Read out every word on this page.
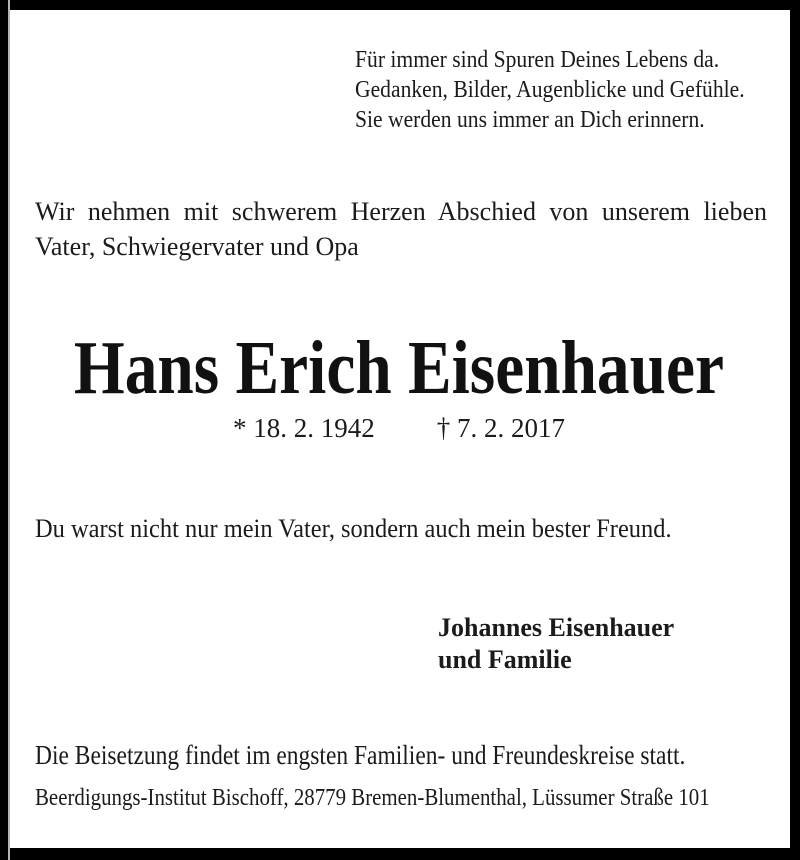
Für immer sind Spuren Deines Lebens da.
Gedanken, Bilder, Augenblicke und Gefühle.
Sie werden uns immer an Dich erinnern.
Wir nehmen mit schwerem Herzen Abschied von unserem lieben
Vater, Schwiegervater und Opa
Hans Erich Eisenhauer
* 18. 2. 1942 † 7. 2. 2017
Du warst nicht nur mein Vater, sondern auch mein bester Freund.
Johannes Eisenhauer
und Familie
Die Beisetzung findet im engsten Familien- und Freundeskreise statt.
Beerdigungs-Institut Bischoff, 28779 Bremen-Blumenthal, Lüssumer Straße 101
